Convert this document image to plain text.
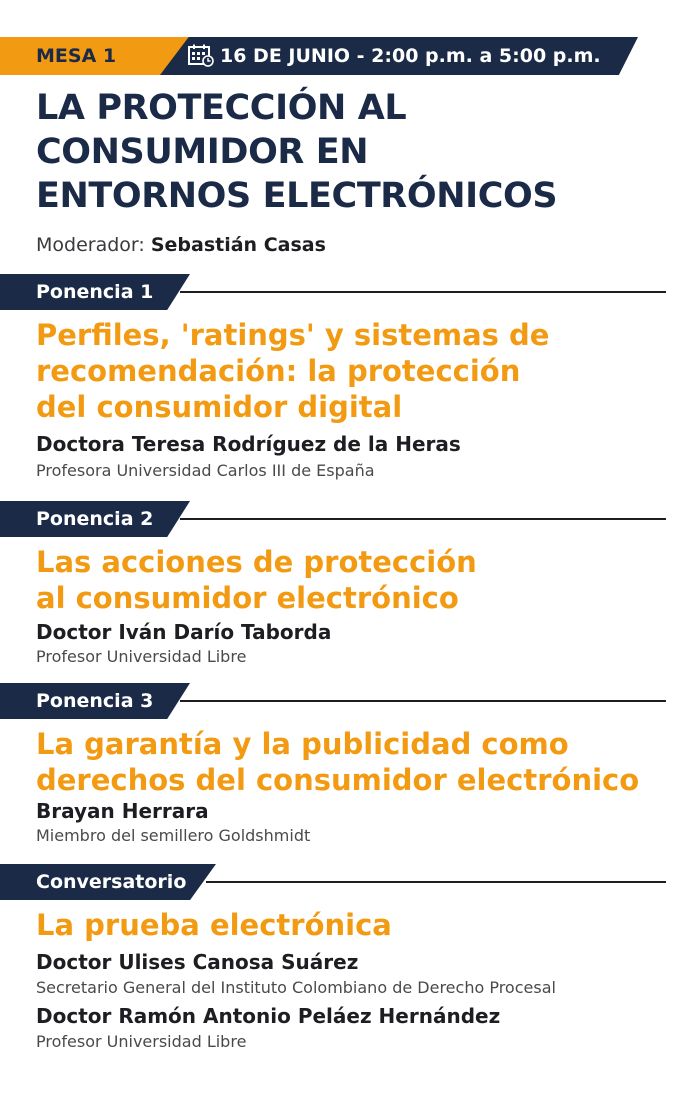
MESA 1	16 DE JUNIO - 2:00 p.m. a 5:00 p.m.
LA PROTECCIÓN AL
CONSUMIDOR EN
ENTORNOS ELECTRÓNICOS
Moderador: Sebastián Casas
Ponencia 1
Perfiles, 'ratings' y sistemas de
recomendación: la protección
del consumidor digital
Doctora Teresa Rodríguez de la Heras
Profesora Universidad Carlos III de España
Ponencia 2
Las acciones de protección
al consumidor electrónico
Doctor Iván Darío Taborda
Profesor Universidad Libre
Ponencia 3
La garantía y la publicidad como
derechos del consumidor electrónico
Brayan Herrara
Miembro del semillero Goldshmidt
Conversatorio
La prueba electrónica
Doctor Ulises Canosa Suárez
Secretario General del Instituto Colombiano de Derecho Procesal
Doctor Ramón Antonio Peláez Hernández
Profesor Universidad Libre
